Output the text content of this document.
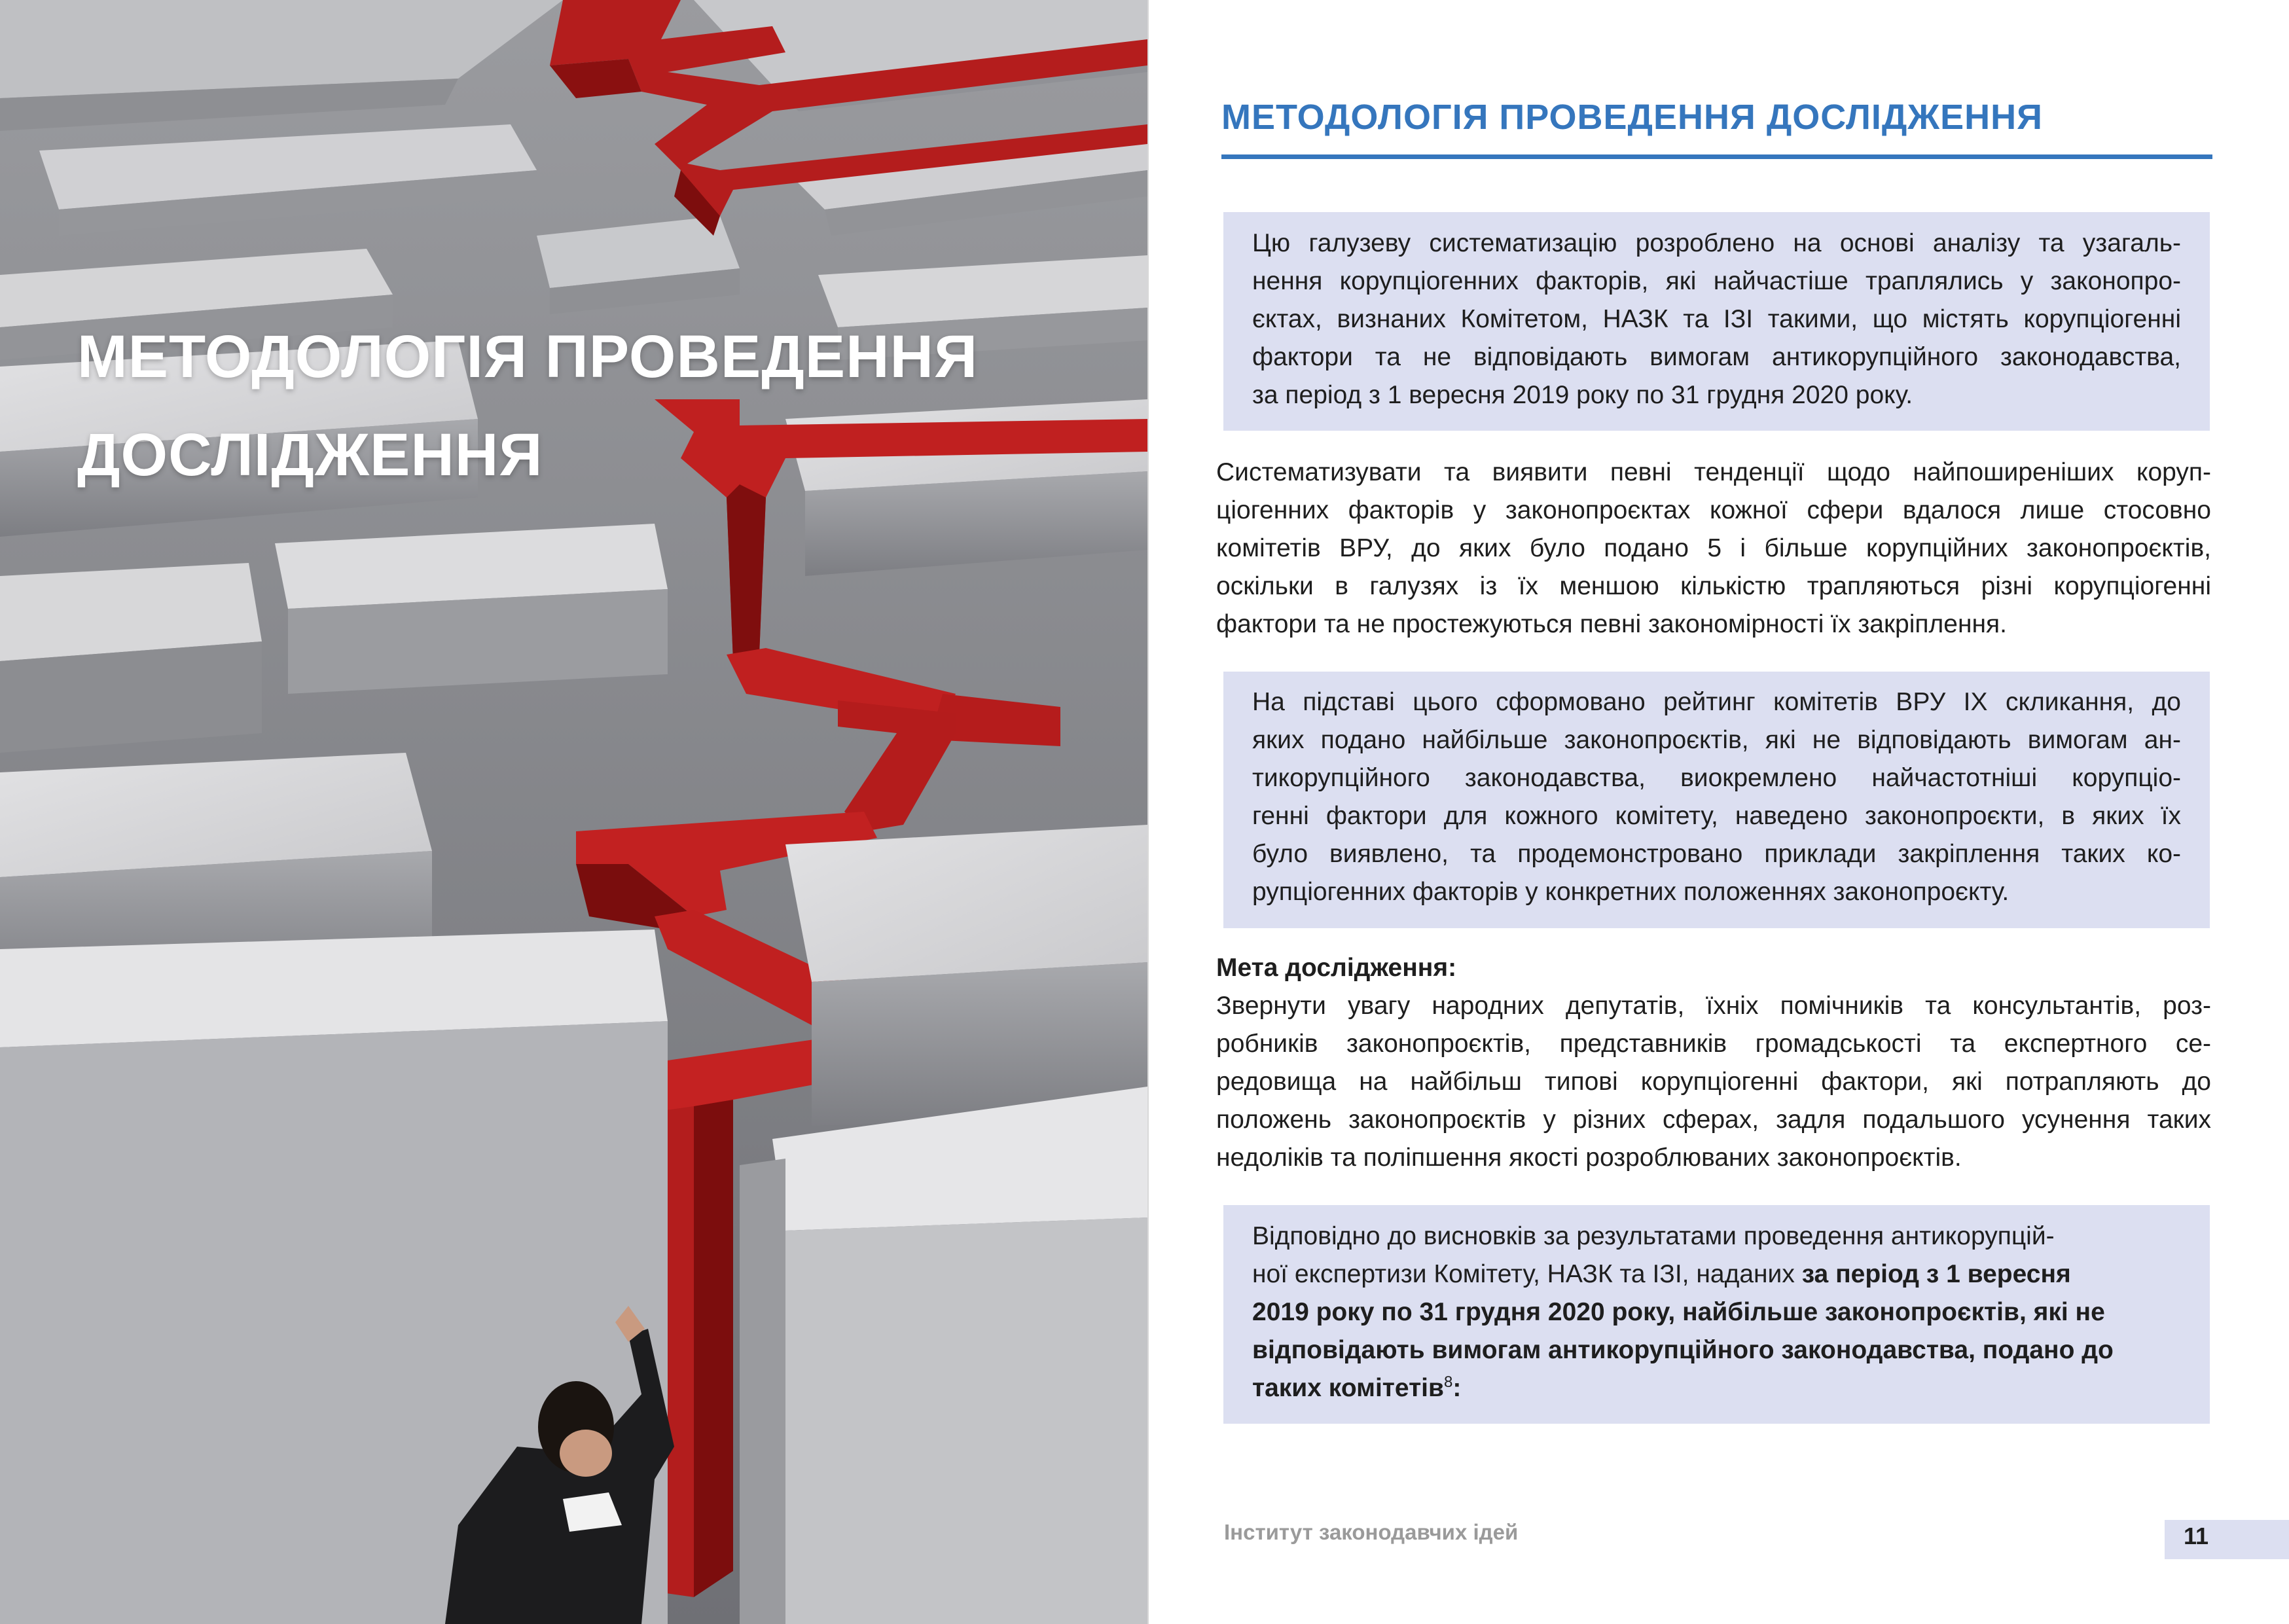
МЕТОДОЛОГІЯ ПРОВЕДЕННЯ
ДОСЛІДЖЕННЯ
МЕТОДОЛОГІЯ ПРОВЕДЕННЯ ДОСЛІДЖЕННЯ
Цю галузеву систематизацію розроблено на основі аналізу та узагаль-
нення корупціогенних факторів, які найчастіше траплялись у законопро-
єктах, визнаних Комітетом, НАЗК та ІЗІ такими, що містять корупціогенні
фактори та не відповідають вимогам антикорупційного законодавства,
за період з 1 вересня 2019 року по 31 грудня 2020 року.
Систематизувати та виявити певні тенденції щодо найпоширеніших коруп-
ціогенних факторів у законопроєктах кожної сфери вдалося лише стосовно
комітетів ВРУ, до яких було подано 5 і більше корупційних законопроєктів,
оскільки в галузях із їх меншою кількістю трапляються різні корупціогенні
фактори та не простежуються певні закономірності їх закріплення.
На підставі цього сформовано рейтинг комітетів ВРУ IX скликання, до
яких подано найбільше законопроєктів, які не відповідають вимогам ан-
тикорупційного законодавства, виокремлено найчастотніші корупціо-
генні фактори для кожного комітету, наведено законопроєкти, в яких їх
було виявлено, та продемонстровано приклади закріплення таких ко-
рупціогенних факторів у конкретних положеннях законопроєкту.
Мета дослідження:
Звернути увагу народних депутатів, їхніх помічників та консультантів, роз-
робників законопроєктів, представників громадськості та експертного се-
редовища на найбільш типові корупціогенні фактори, які потрапляють до
положень законопроєктів у різних сферах, задля подальшого усунення таких
недоліків та поліпшення якості розроблюваних законопроєктів.
Відповідно до висновків за результатами проведення антикорупцій-
ної експертизи Комітету, НАЗК та ІЗІ, наданих за період з 1 вересня
2019 року по 31 грудня 2020 року, найбільше законопроєктів, які не
відповідають вимогам антикорупційного законодавства, подано до
таких комітетів$^8$:
Інститут законодавчих ідей	11
